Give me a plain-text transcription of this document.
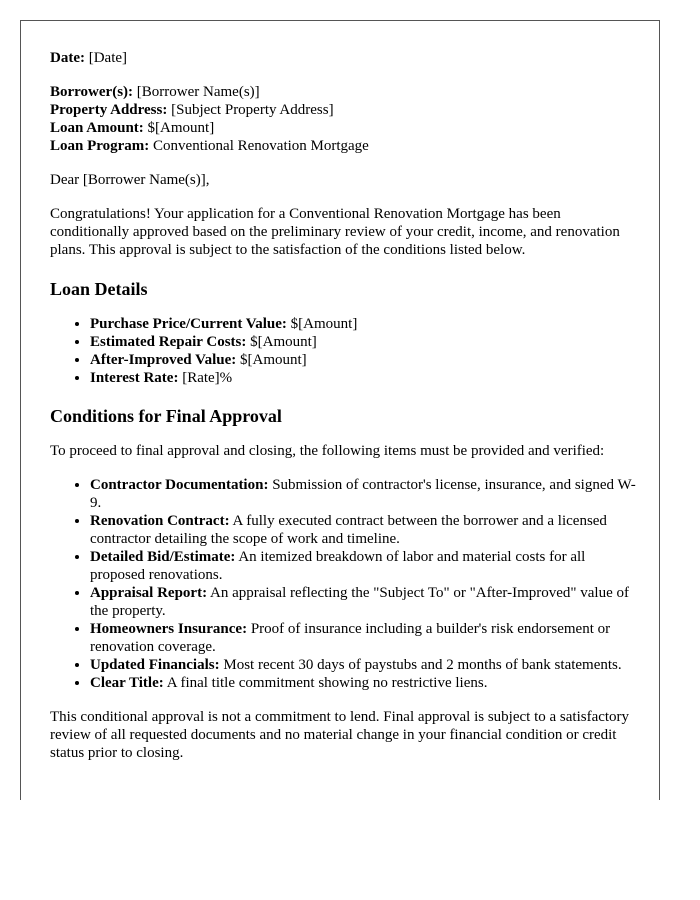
Date: [Date]

Borrower(s): [Borrower Name(s)]

Property Address: [Subject Property Address]

Loan Amount: $[Amount]

Loan Program: Conventional Renovation Mortgage

Dear [Borrower Name(s)],

Congratulations! Your application for a Conventional Renovation Mortgage has been conditionally approved based on the preliminary review of your credit, income, and renovation plans. This approval is subject to the satisfaction of the conditions listed below.

Loan Details
• Purchase Price/Current Value: $[Amount]
• Estimated Repair Costs: $[Amount]
• After-Improved Value: $[Amount]
• Interest Rate: [Rate]%
Conditions for Final Approval

To proceed to final approval and closing, the following items must be provided and verified:

• Contractor Documentation: Submission of contractor's license, insurance, and signed W-9.
• Renovation Contract: A fully executed contract between the borrower and a licensed contractor detailing the scope of work and timeline.
• Detailed Bid/Estimate: An itemized breakdown of labor and material costs for all proposed renovations.
• Appraisal Report: An appraisal reflecting the "Subject To" or "After-Improved" value of the property.
• Homeowners Insurance: Proof of insurance including a builder's risk endorsement or renovation coverage.
• Updated Financials: Most recent 30 days of paystubs and 2 months of bank statements.
• Clear Title: A final title commitment showing no restrictive liens.

This conditional approval is not a commitment to lend. Final approval is subject to a satisfactory review of all requested documents and no material change in your financial condition or credit status prior to closing.
